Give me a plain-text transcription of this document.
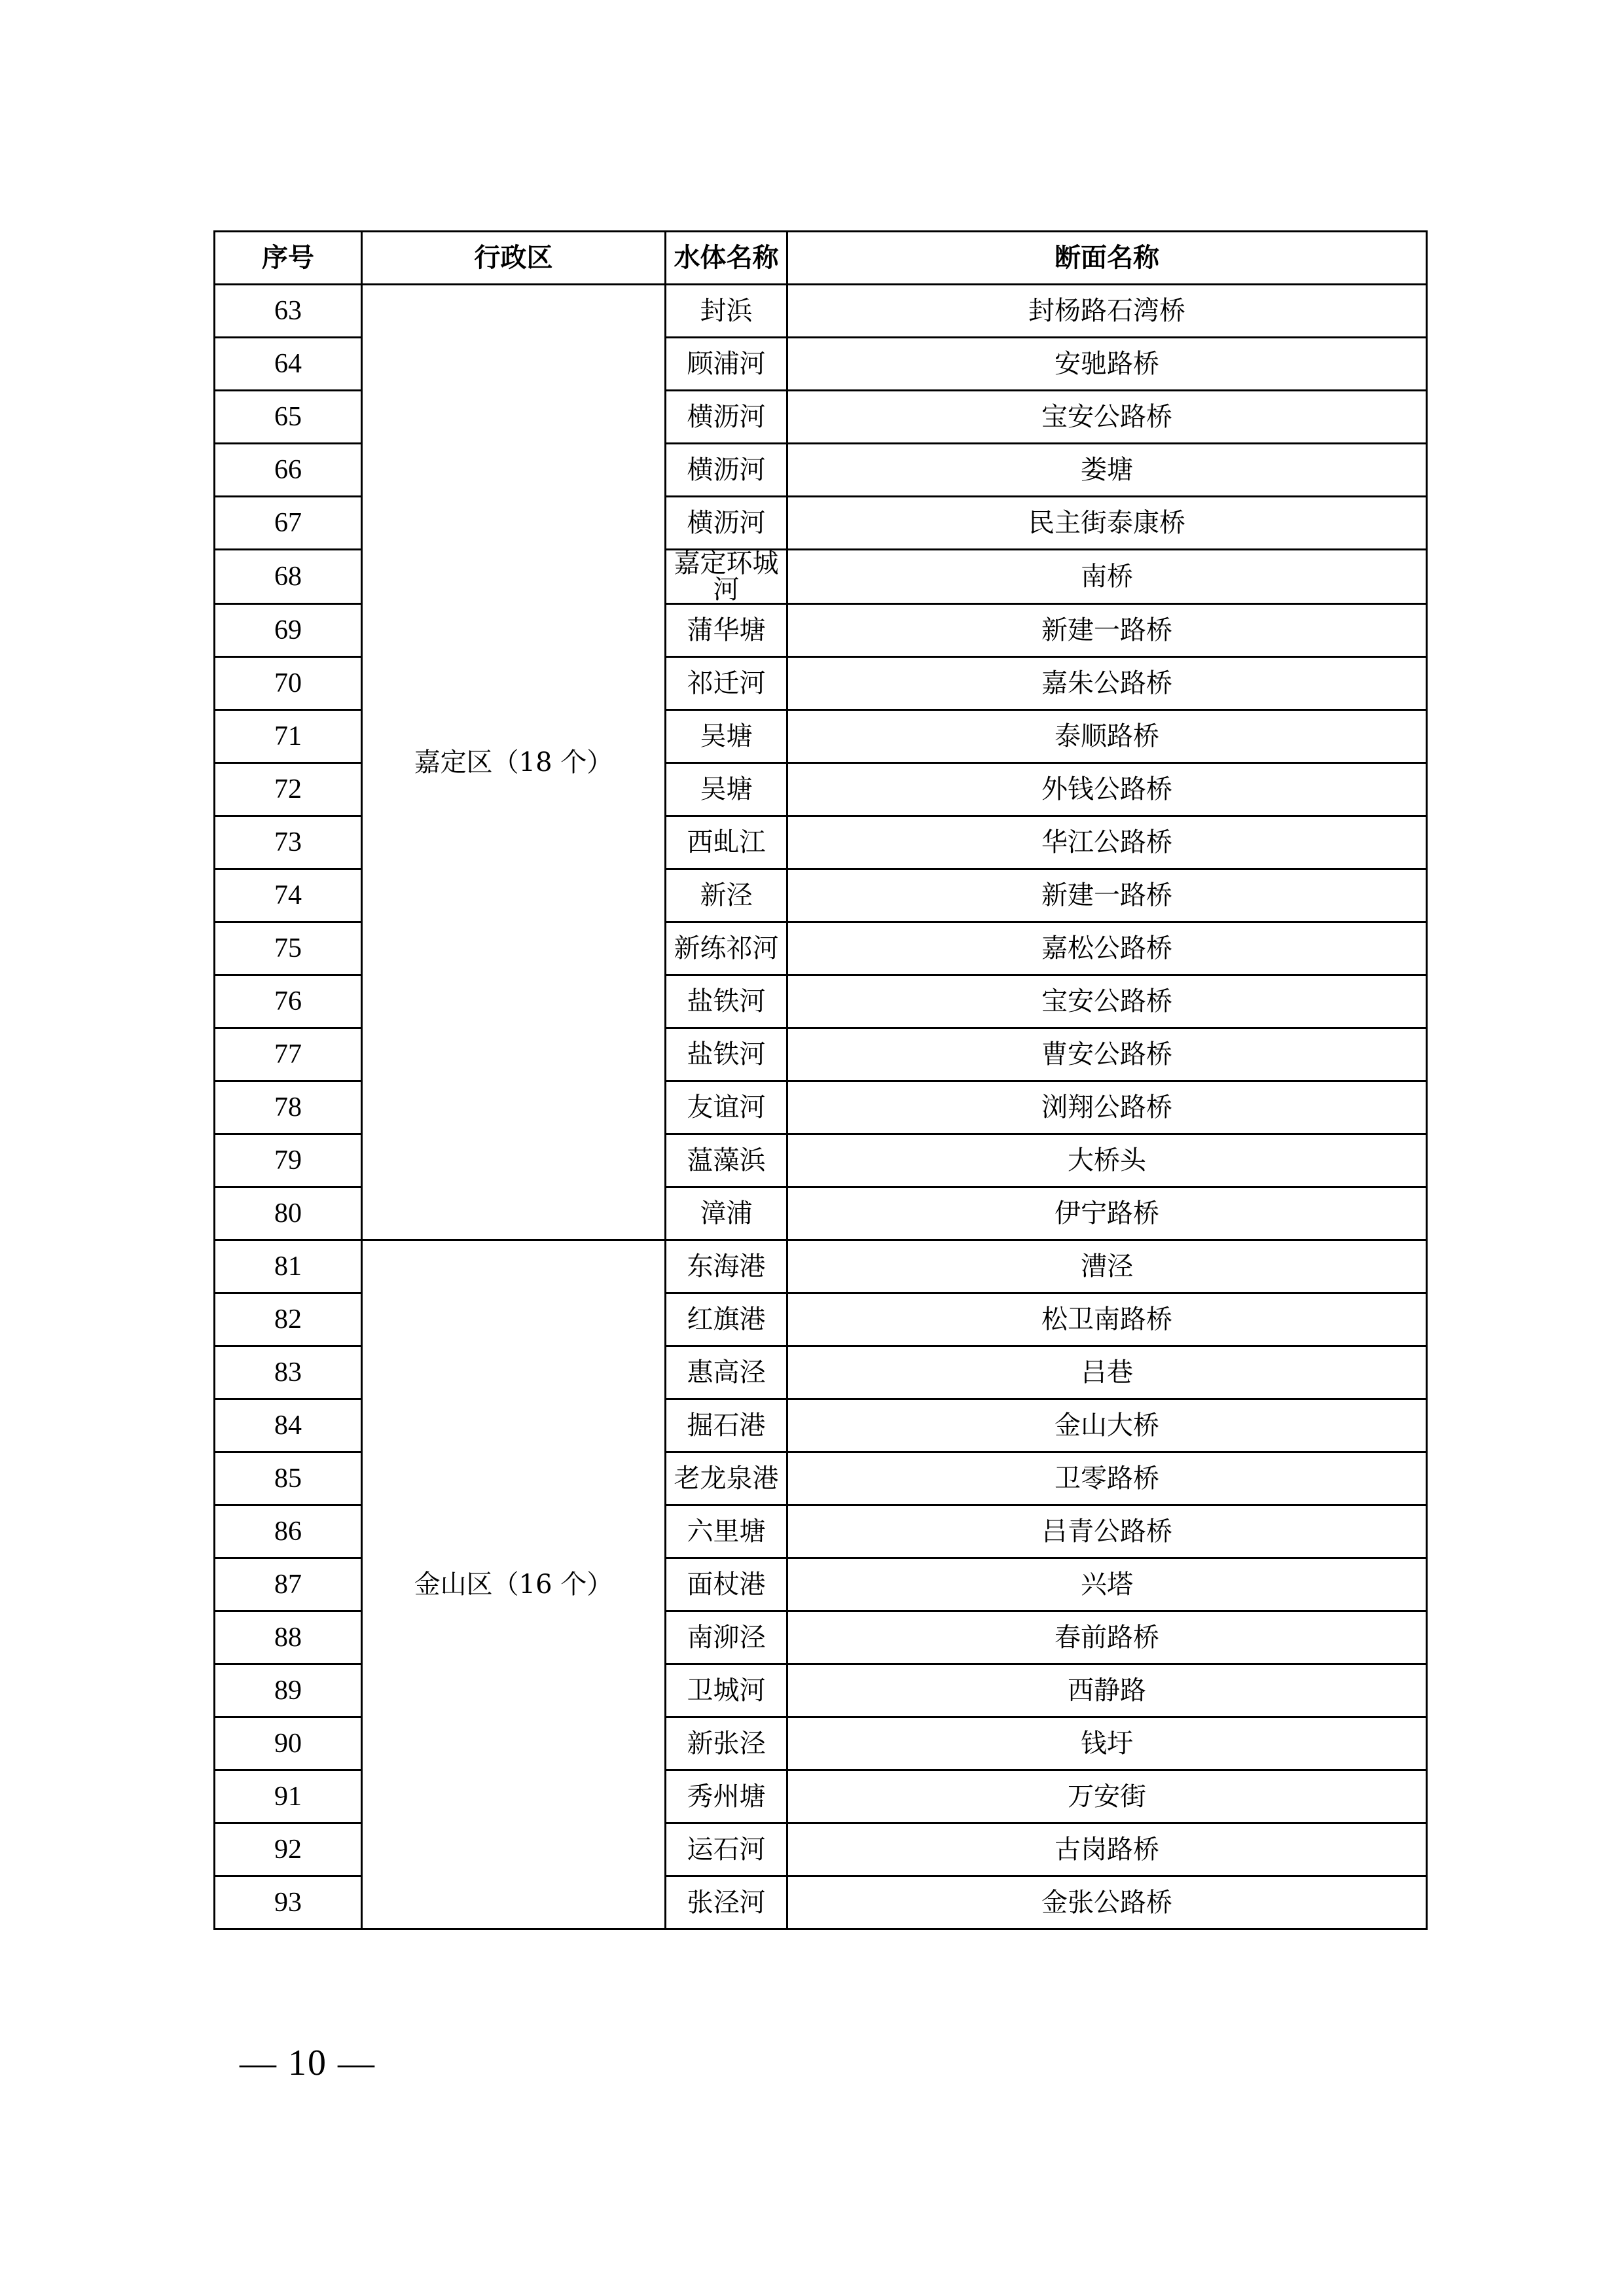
序号	行政区	水体名称	断面名称
63	嘉定区（18 个）	封浜	封杨路石湾桥
64		顾浦河	安驰路桥
65		横沥河	宝安公路桥
66		横沥河	娄塘
67		横沥河	民主街泰康桥
68		嘉定环城河	南桥
69		蒲华塘	新建一路桥
70		祁迁河	嘉朱公路桥
71		吴塘	泰顺路桥
72		吴塘	外钱公路桥
73		西虬江	华江公路桥
74		新泾	新建一路桥
75		新练祁河	嘉松公路桥
76		盐铁河	宝安公路桥
77		盐铁河	曹安公路桥
78		友谊河	浏翔公路桥
79		蕰藻浜	大桥头
80		漳浦	伊宁路桥
81	金山区（16 个）	东海港	漕泾
82		红旗港	松卫南路桥
83		惠高泾	吕巷
84		掘石港	金山大桥
85		老龙泉港	卫零路桥
86		六里塘	吕青公路桥
87		面杖港	兴塔
88		南泖泾	春前路桥
89		卫城河	西静路
90		新张泾	钱圩
91		秀州塘	万安街
92		运石河	古岗路桥
93		张泾河	金张公路桥
— 10 —
